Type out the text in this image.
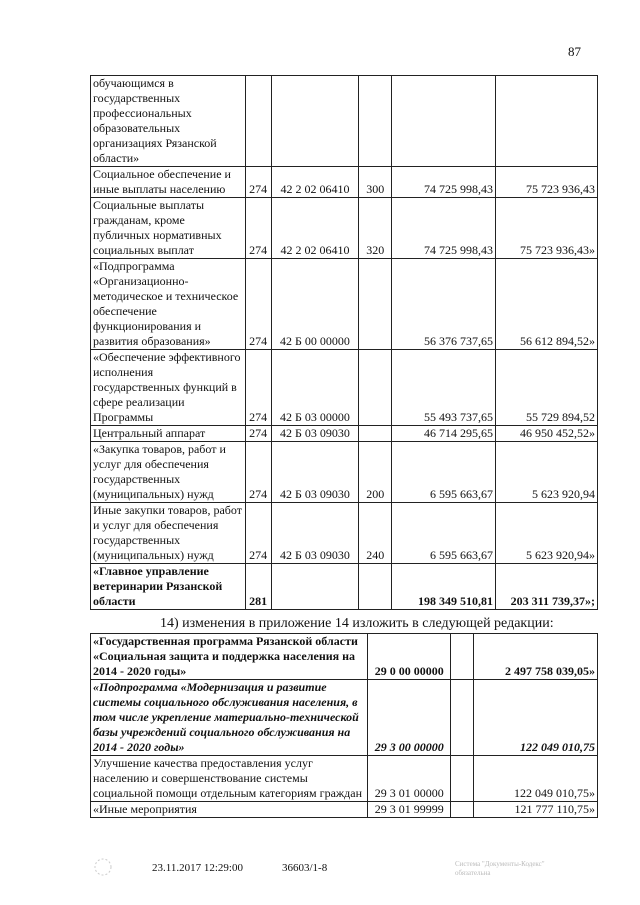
87
обучающимся в государственных профессиональных образовательных организациях Рязанской области»					
Социальное обеспечение и иные выплаты населению	274	42 2 02 06410	300	74 725 998,43	75 723 936,43
Социальные выплаты гражданам, кроме публичных нормативных социальных выплат	274	42 2 02 06410	320	74 725 998,43	75 723 936,43»
«Подпрограмма «Организационно-методическое и техническое обеспечение функционирования и развития образования»	274	42 Б 00 00000		56 376 737,65	56 612 894,52»
«Обеспечение эффективного исполнения государственных функций в сфере реализации Программы	274	42 Б 03 00000		55 493 737,65	55 729 894,52
Центральный аппарат	274	42 Б 03 09030		46 714 295,65	46 950 452,52»
«Закупка товаров, работ и услуг для обеспечения государственных (муниципальных) нужд	274	42 Б 03 09030	200	6 595 663,67	5 623 920,94
Иные закупки товаров, работ и услуг для обеспечения государственных (муниципальных) нужд	274	42 Б 03 09030	240	6 595 663,67	5 623 920,94»
«Главное управление ветеринарии Рязанской области	281			198 349 510,81	203 311 739,37»;
14) изменения в приложение 14 изложить в следующей редакции:
«Государственная программа Рязанской области «Социальная защита и поддержка населения на 2014 - 2020 годы»	29 0 00 00000		2 497 758 039,05»
«Подпрограмма «Модернизация и развитие системы социального обслуживания населения, в том числе укрепление материально-технической базы учреждений социального обслуживания на 2014 - 2020 годы»	29 3 00 00000		122 049 010,75
Улучшение качества предоставления услуг населению и совершенствование системы социальной помощи отдельным категориям граждан	29 3 01 00000		122 049 010,75»
«Иные мероприятия	29 3 01 99999		121 777 110,75»
23.11.2017 12:29:00	36603/1-8	Система "Документы-Кодекс" обязательна
